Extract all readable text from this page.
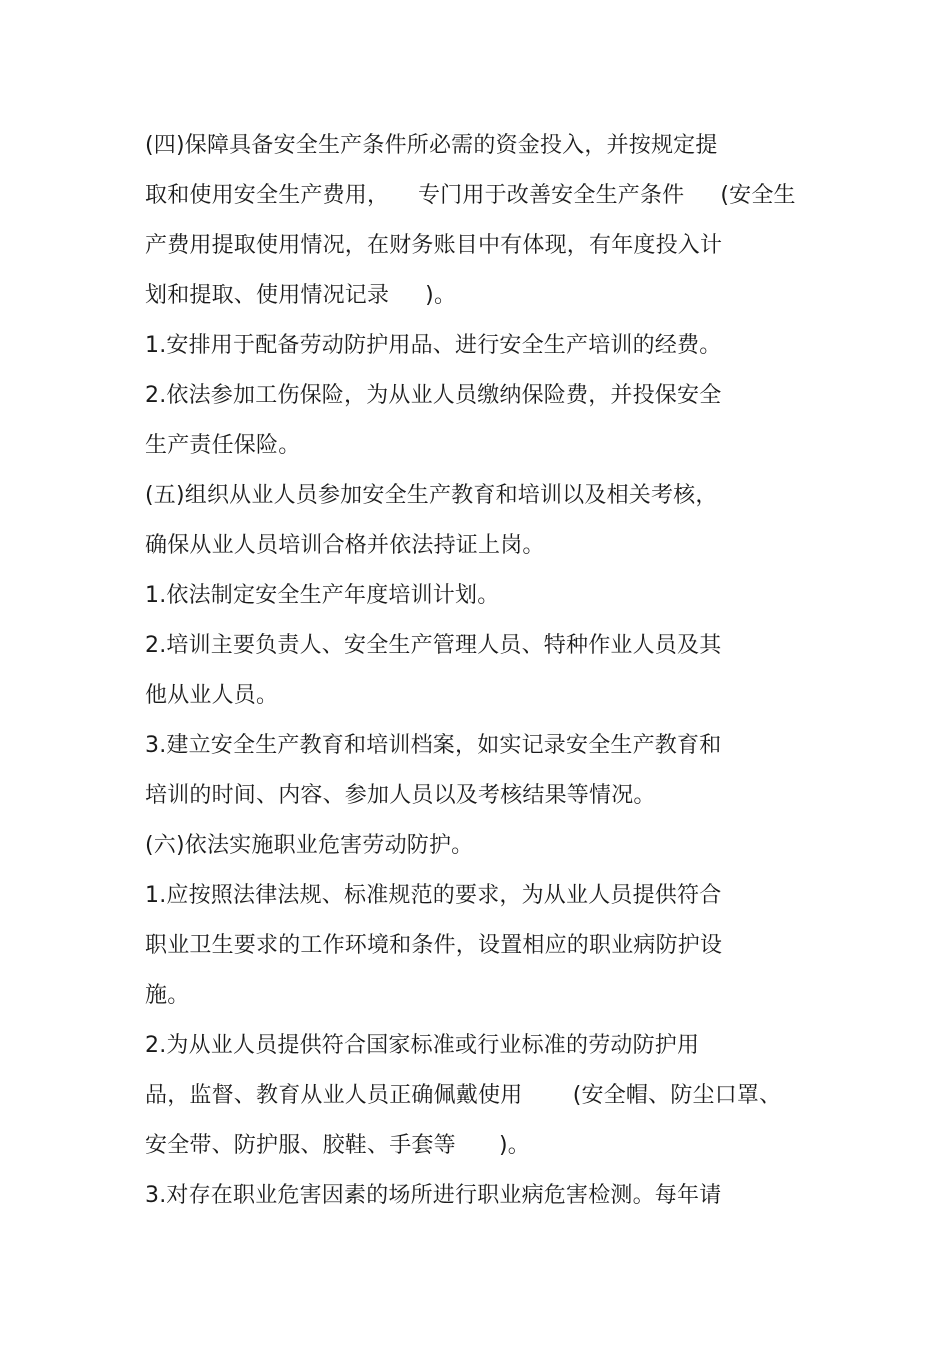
(四)保障具备安全生产条件所必需的资金投入，并按规定提
取和使用安全生产费用，    专门用于改善安全生产条件     (安全生
产费用提取使用情况，在财务账目中有体现，有年度投入计
划和提取、使用情况记录     )。
1.安排用于配备劳动防护用品、进行安全生产培训的经费。
2.依法参加工伤保险，为从业人员缴纳保险费，并投保安全
生产责任保险。
(五)组织从业人员参加安全生产教育和培训以及相关考核，
确保从业人员培训合格并依法持证上岗。
1.依法制定安全生产年度培训计划。
2.培训主要负责人、安全生产管理人员、特种作业人员及其
他从业人员。
3.建立安全生产教育和培训档案，如实记录安全生产教育和
培训的时间、内容、参加人员以及考核结果等情况。
(六)依法实施职业危害劳动防护。
1.应按照法律法规、标准规范的要求，为从业人员提供符合
职业卫生要求的工作环境和条件，设置相应的职业病防护设
施。
2.为从业人员提供符合国家标准或行业标准的劳动防护用
品，监督、教育从业人员正确佩戴使用       (安全帽、防尘口罩、
安全带、防护服、胶鞋、手套等      )。
3.对存在职业危害因素的场所进行职业病危害检测。每年请
